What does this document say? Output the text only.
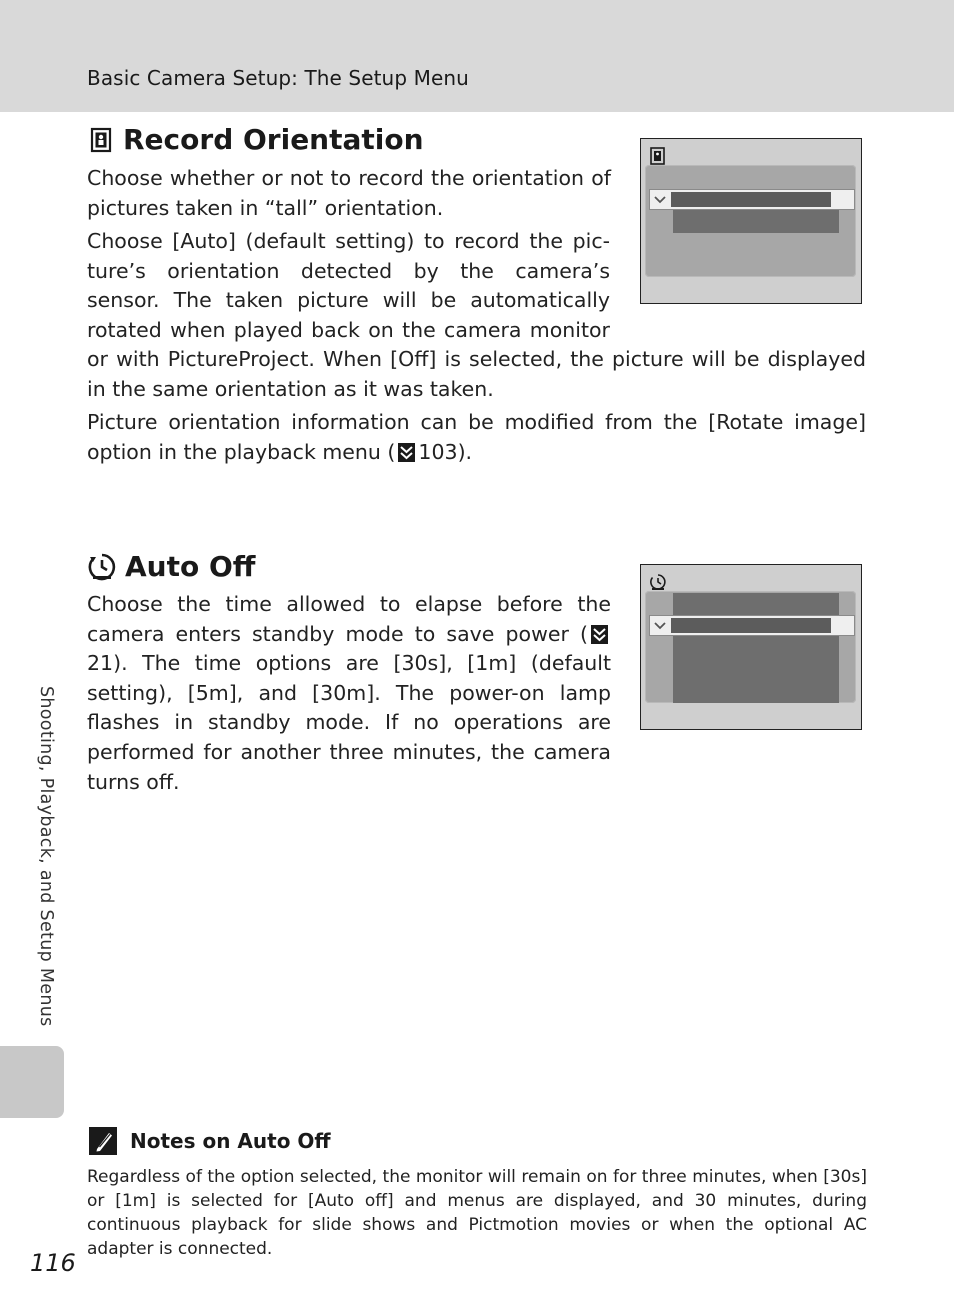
Basic Camera Setup: The Setup Menu
Record Orientation

Choose whether or not to record the orientation of pictures taken in “tall” orientation.

Choose [Auto] (default setting) to record the picture’s orientation detected by the camera’s sensor. The taken picture will be automatically rotated when played back on the camera monitor or with PictureProject. When [Off] is selected, the picture will be displayed in the same orientation as it was taken.

Picture orientation information can be modified from the [Rotate image] option in the playback menu ( 103).

Auto Off

Choose the time allowed to elapse before the camera enters standby mode to save power (21). The time options are [30s], [1m] (default setting), [5m], and [30m]. The power-on lamp flashes in standby mode. If no operations are performed for another three minutes, the camera turns off.

Shooting, Playback, and Setup Menus
Notes on Auto Off

Regardless of the option selected, the monitor will remain on for three minutes, when [30s] or [1m] is selected for [Auto off] and menus are displayed, and 30 minutes, during continuous playback for slide shows and Pictmotion movies or when the optional AC adapter is connected.

116
